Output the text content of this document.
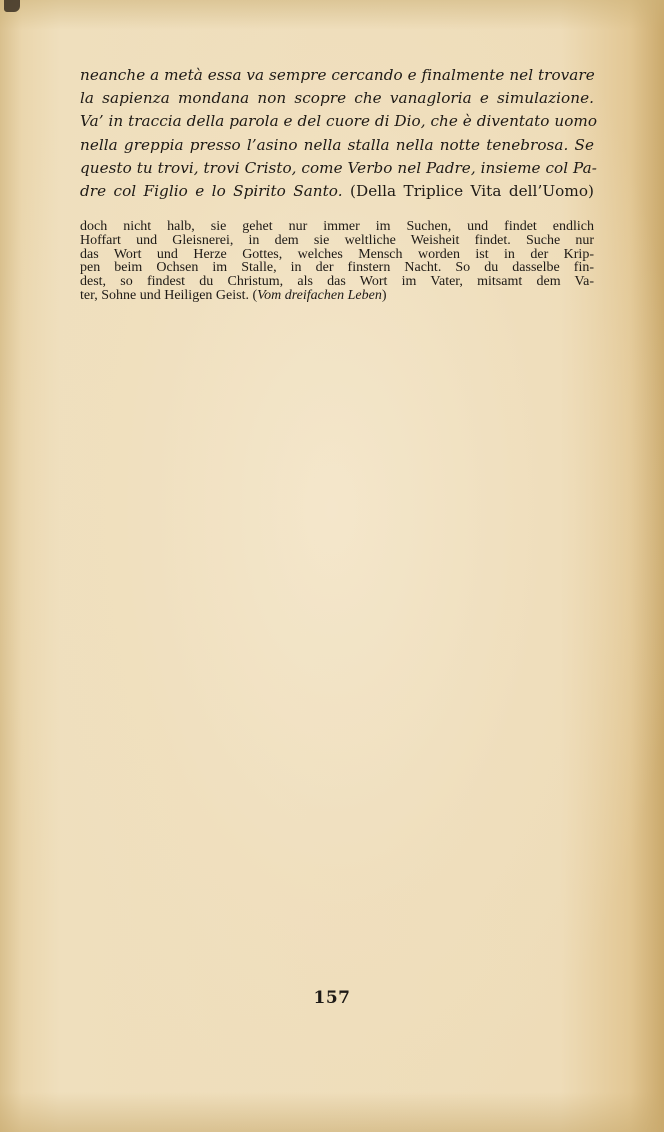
neanche a metà essa va sempre cercando e finalmente nel trovare
la sapienza mondana non scopre che vanagloria e simulazione.
Va’ in traccia della parola e del cuore di Dio, che è diventato uomo
nella greppia presso l’asino nella stalla nella notte tenebrosa. Se
questo tu trovi, trovi Cristo, come Verbo nel Padre, insieme col Pa-
dre col Figlio e lo Spirito Santo. (Della Triplice Vita dell’Uomo)
doch nicht halb, sie gehet nur immer im Suchen, und findet endlich
Hoffart und Gleisnerei, in dem sie weltliche Weisheit findet. Suche nur
das Wort und Herze Gottes, welches Mensch worden ist in der Krip-
pen beim Ochsen im Stalle, in der finstern Nacht. So du dasselbe fin-
dest, so findest du Christum, als das Wort im Vater, mitsamt dem Va-
ter, Sohne und Heiligen Geist. (Vom dreifachen Leben)
157
